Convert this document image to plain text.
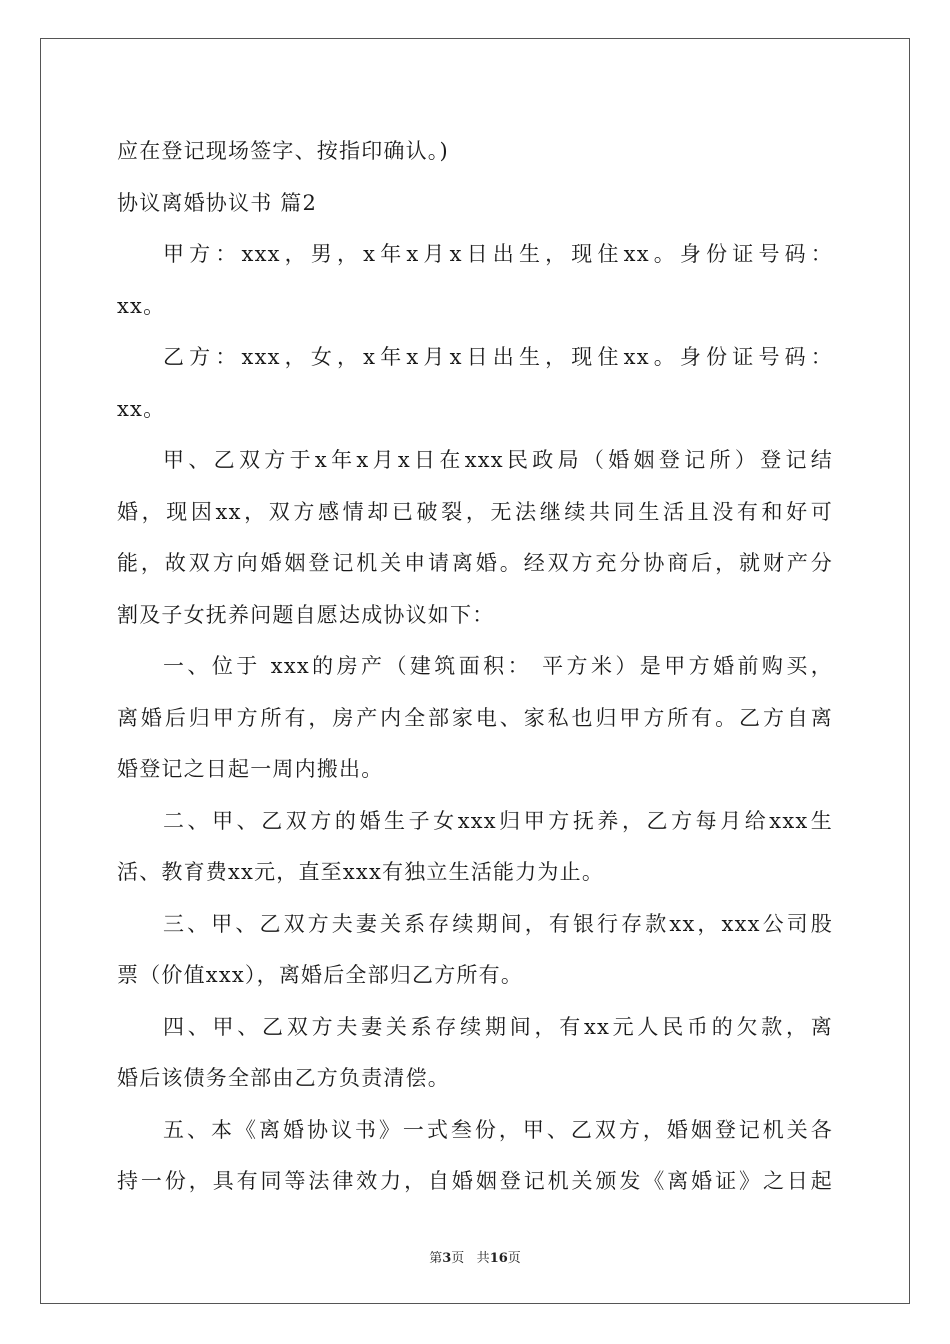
应在登记现场签字、按指印确认。)
协议离婚协议书 篇2
甲方：xxx，男，x年x月x日出生，现住xx。身份证号码：
xx。
乙方：xxx，女，x年x月x日出生，现住xx。身份证号码：
xx。
甲、乙双方于x年x月x日在xxx民政局（婚姻登记所）登记结
婚，现因xx，双方感情却已破裂，无法继续共同生活且没有和好可
能，故双方向婚姻登记机关申请离婚。经双方充分协商后，就财产分
割及子女抚养问题自愿达成协议如下：
一、位于 xxx的房产（建筑面积： 平方米）是甲方婚前购买，
离婚后归甲方所有，房产内全部家电、家私也归甲方所有。乙方自离
婚登记之日起一周内搬出。
二、甲、乙双方的婚生子女xxx归甲方抚养，乙方每月给xxx生
活、教育费xx元，直至xxx有独立生活能力为止。
三、甲、乙双方夫妻关系存续期间，有银行存款xx，xxx公司股
票（价值xxx），离婚后全部归乙方所有。
四、甲、乙双方夫妻关系存续期间，有xx元人民币的欠款，离
婚后该债务全部由乙方负责清偿。
五、本《离婚协议书》一式叁份，甲、乙双方，婚姻登记机关各
持一份，具有同等法律效力，自婚姻登记机关颁发《离婚证》之日起
第3页 共16页
